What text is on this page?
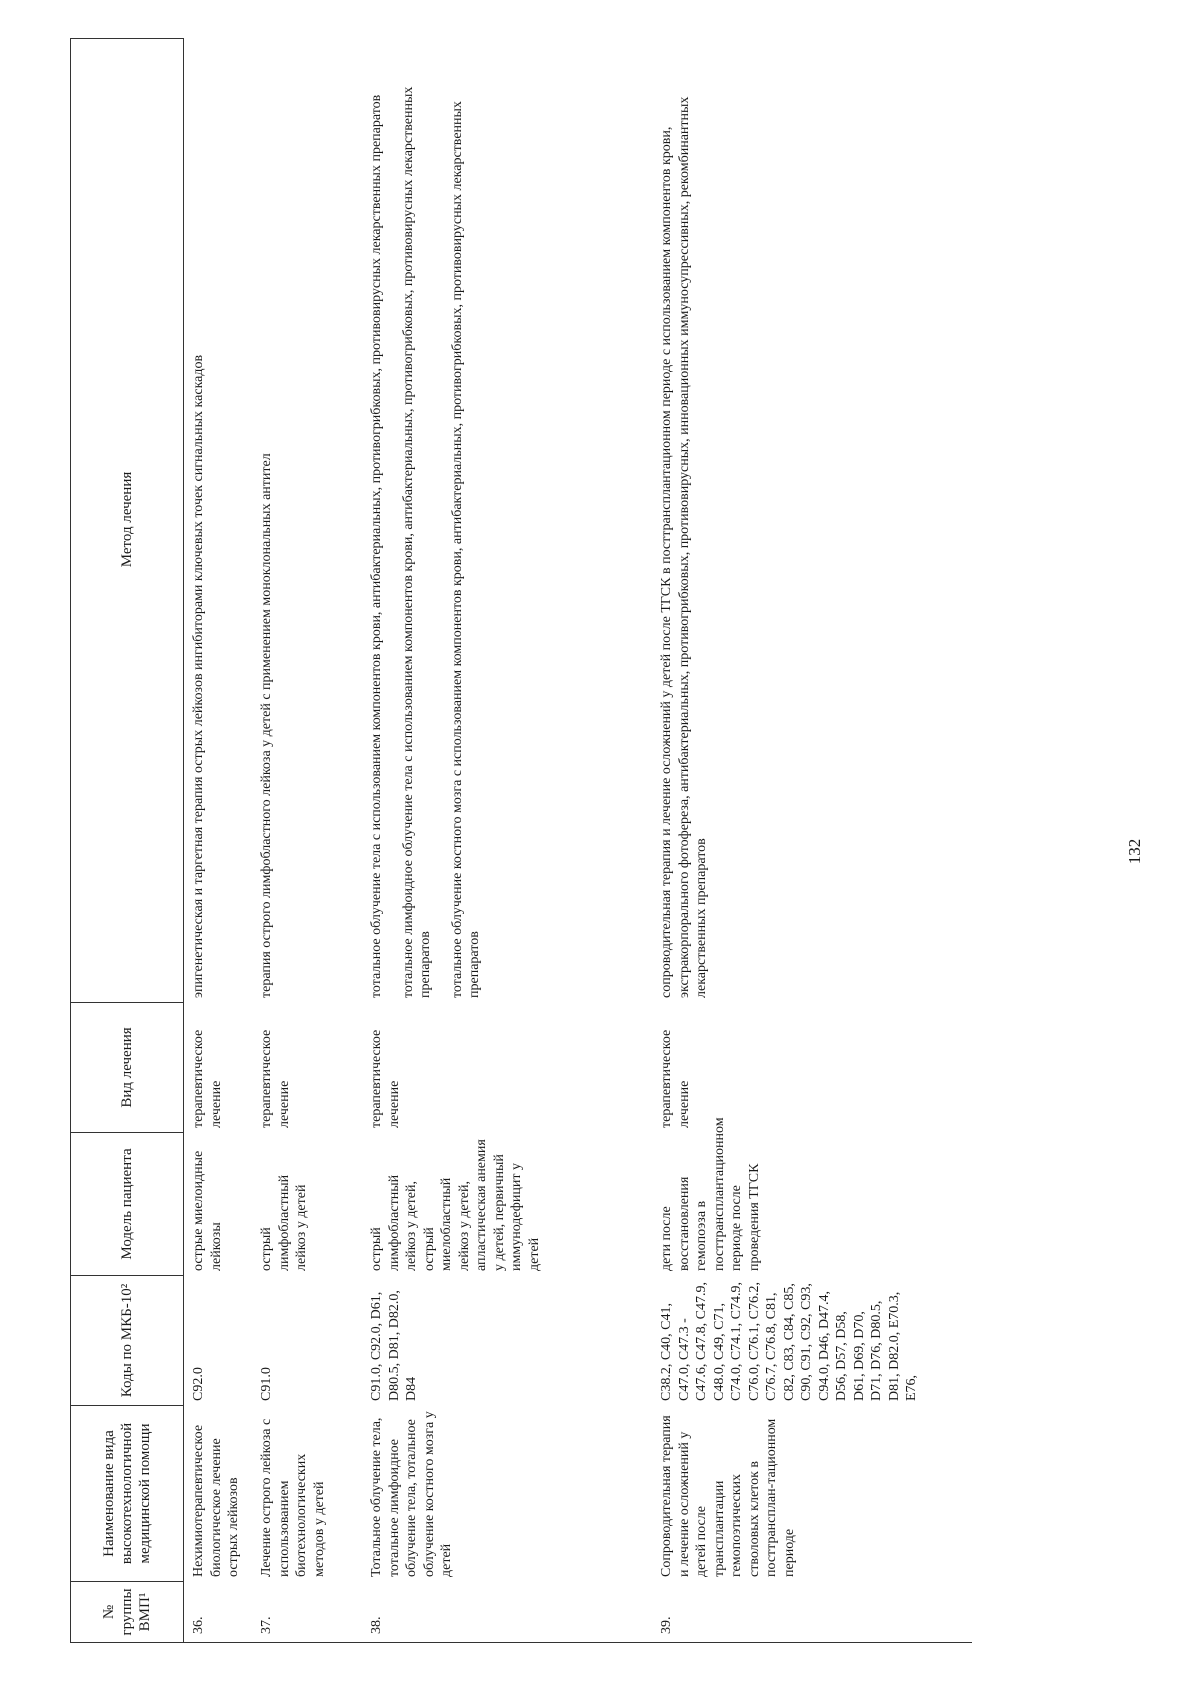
132
№ группы ВМП¹
Наименование вида высокотехнологичной медицинской помощи
Коды по МКБ-10²
Модель пациента
Вид лечения
Метод лечения
36.
Нехимиотерапевтическое биологическое лечение острых лейкозов
C92.0
острые миелоидные лейкозы
терапевтическое лечение

эпигенетическая и таргетная терапия острых лейкозов ингибиторами ключевых точек сигнальных каскадов

37.
Лечение острого лейкоза с использованием биотехнологических методов у детей
C91.0
острый лимфобластный лейкоз у детей
терапевтическое лечение

терапия острого лимфобластного лейкоза у детей с применением моноклональных антител

38.
Тотальное облучение тела, тотальное лимфоидное облучение тела, тотальное облучение костного мозга у детей
C91.0, C92.0, D61, D80.5, D81, D82.0, D84
острый лимфобластный лейкоз у детей, острый миелобластный лейкоз у детей, апластическая анемия у детей, первичный иммунодефицит у детей
терапевтическое лечение

тотальное облучение тела с использованием компонентов крови, антибактериальных, противогрибковых, противовирусных лекарственных препаратов тотальное лимфоидное облучение тела с использованием компонентов крови, антибактериальных, противогрибковых, противовирусных лекарственных препаратов тотальное облучение костного мозга с использованием компонентов крови, антибактериальных, противогрибковых, противовирусных лекарственных препаратов

39.
Сопроводительная терапия и лечение осложнений у детей после трансплантации гемопоэтических стволовых клеток в посттрансплан-тационном периоде
C38.2, C40, C41, C47.0, C47.3 - C47.6, C47.8, C47.9, C48.0, C49, C71, C74.0, C74.1, C74.9, C76.0, C76.1, C76.2, C76.7, C76.8, C81, C82, C83, C84, C85, C90, C91, C92, C93, C94.0, D46, D47.4, D56, D57, D58, D61, D69, D70, D71, D76, D80.5, D81, D82.0, E70.3, E76,
дети после восстановления гемопоэза в посттрансплантационном периоде после проведения ТГСК
терапевтическое лечение

сопроводительная терапия и лечение осложнений у детей после ТГСК в посттрансплантационном периоде с использованием компонентов крови, экстракорпорального фотофереза, антибактериальных, противогрибковых, противовирусных, инновационных иммуносупрессивных, рекомбинантных лекарственных препаратов
